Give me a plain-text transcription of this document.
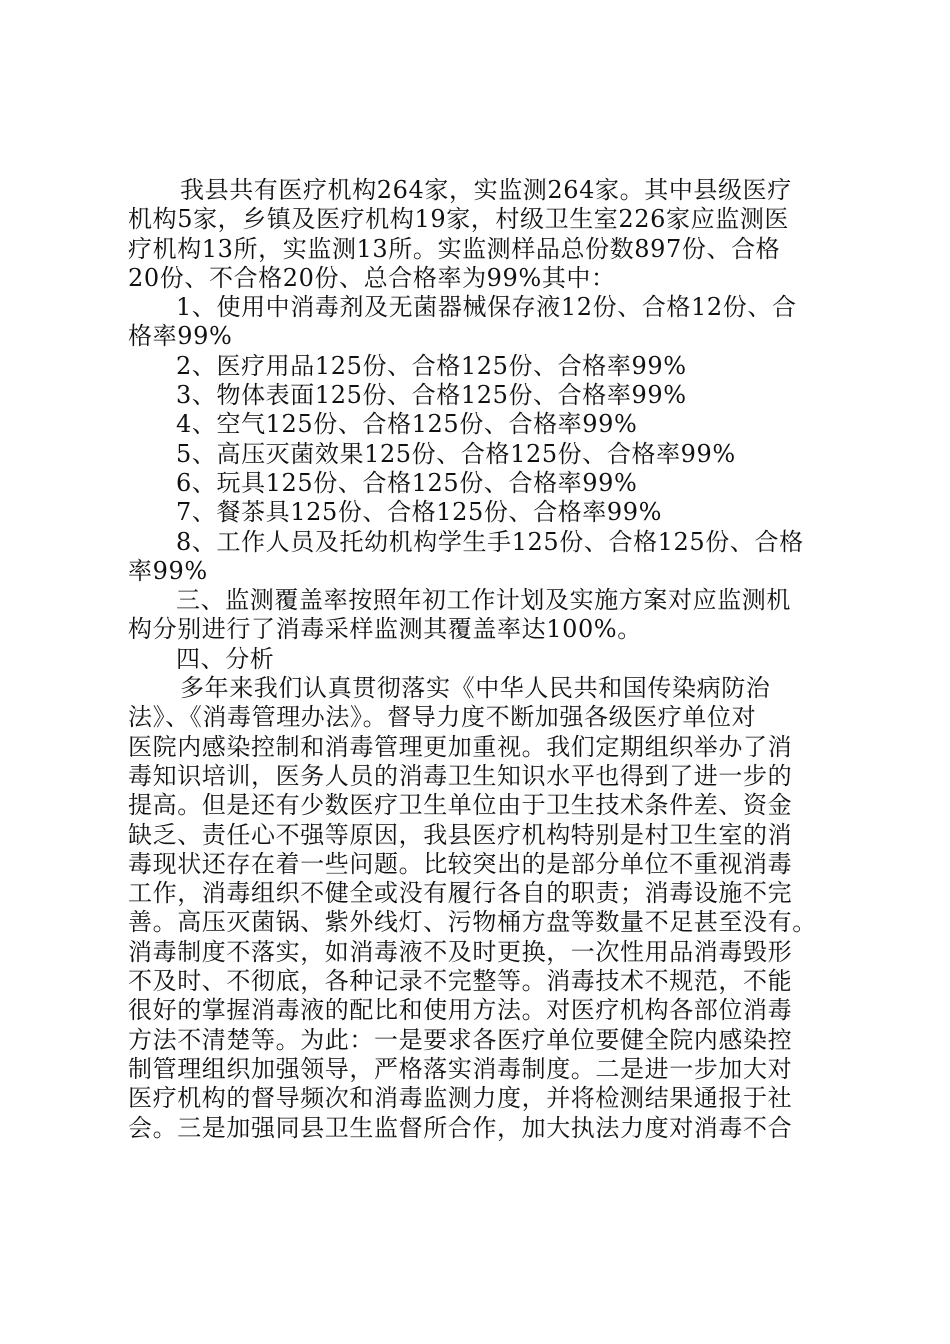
我县共有医疗机构264家，实监测264家。其中县级医疗

机构5家，乡镇及医疗机构19家，村级卫生室226家应监测医

疗机构13所，实监测13所。实监测样品总份数897份、合格

20份、不合格20份、总合格率为99%其中：

1、使用中消毒剂及无菌器械保存液12份、合格12份、合

格率99%

2、医疗用品125份、合格125份、合格率99%

3、物体表面125份、合格125份、合格率99%

4、空气125份、合格125份、合格率99%

5、高压灭菌效果125份、合格125份、合格率99%

6、玩具125份、合格125份、合格率99%

7、餐茶具125份、合格125份、合格率99%

8、工作人员及托幼机构学生手125份、合格125份、合格

率99%

三、监测覆盖率按照年初工作计划及实施方案对应监测机

构分别进行了消毒采样监测其覆盖率达100%。

四、分析

多年来我们认真贯彻落实《中华人民共和国传染病防治

法》、《消毒管理办法》。督导力度不断加强各级医疗单位对

医院内感染控制和消毒管理更加重视。我们定期组织举办了消

毒知识培训，医务人员的消毒卫生知识水平也得到了进一步的

提高。但是还有少数医疗卫生单位由于卫生技术条件差、资金

缺乏、责任心不强等原因，我县医疗机构特别是村卫生室的消

毒现状还存在着一些问题。比较突出的是部分单位不重视消毒

工作，消毒组织不健全或没有履行各自的职责；消毒设施不完

善。高压灭菌锅、紫外线灯、污物桶方盘等数量不足甚至没有。

消毒制度不落实，如消毒液不及时更换，一次性用品消毒毁形

不及时、不彻底，各种记录不完整等。消毒技术不规范，不能

很好的掌握消毒液的配比和使用方法。对医疗机构各部位消毒

方法不清楚等。为此：一是要求各医疗单位要健全院内感染控

制管理组织加强领导，严格落实消毒制度。二是进一步加大对

医疗机构的督导频次和消毒监测力度，并将检测结果通报于社

会。三是加强同县卫生监督所合作，加大执法力度对消毒不合
